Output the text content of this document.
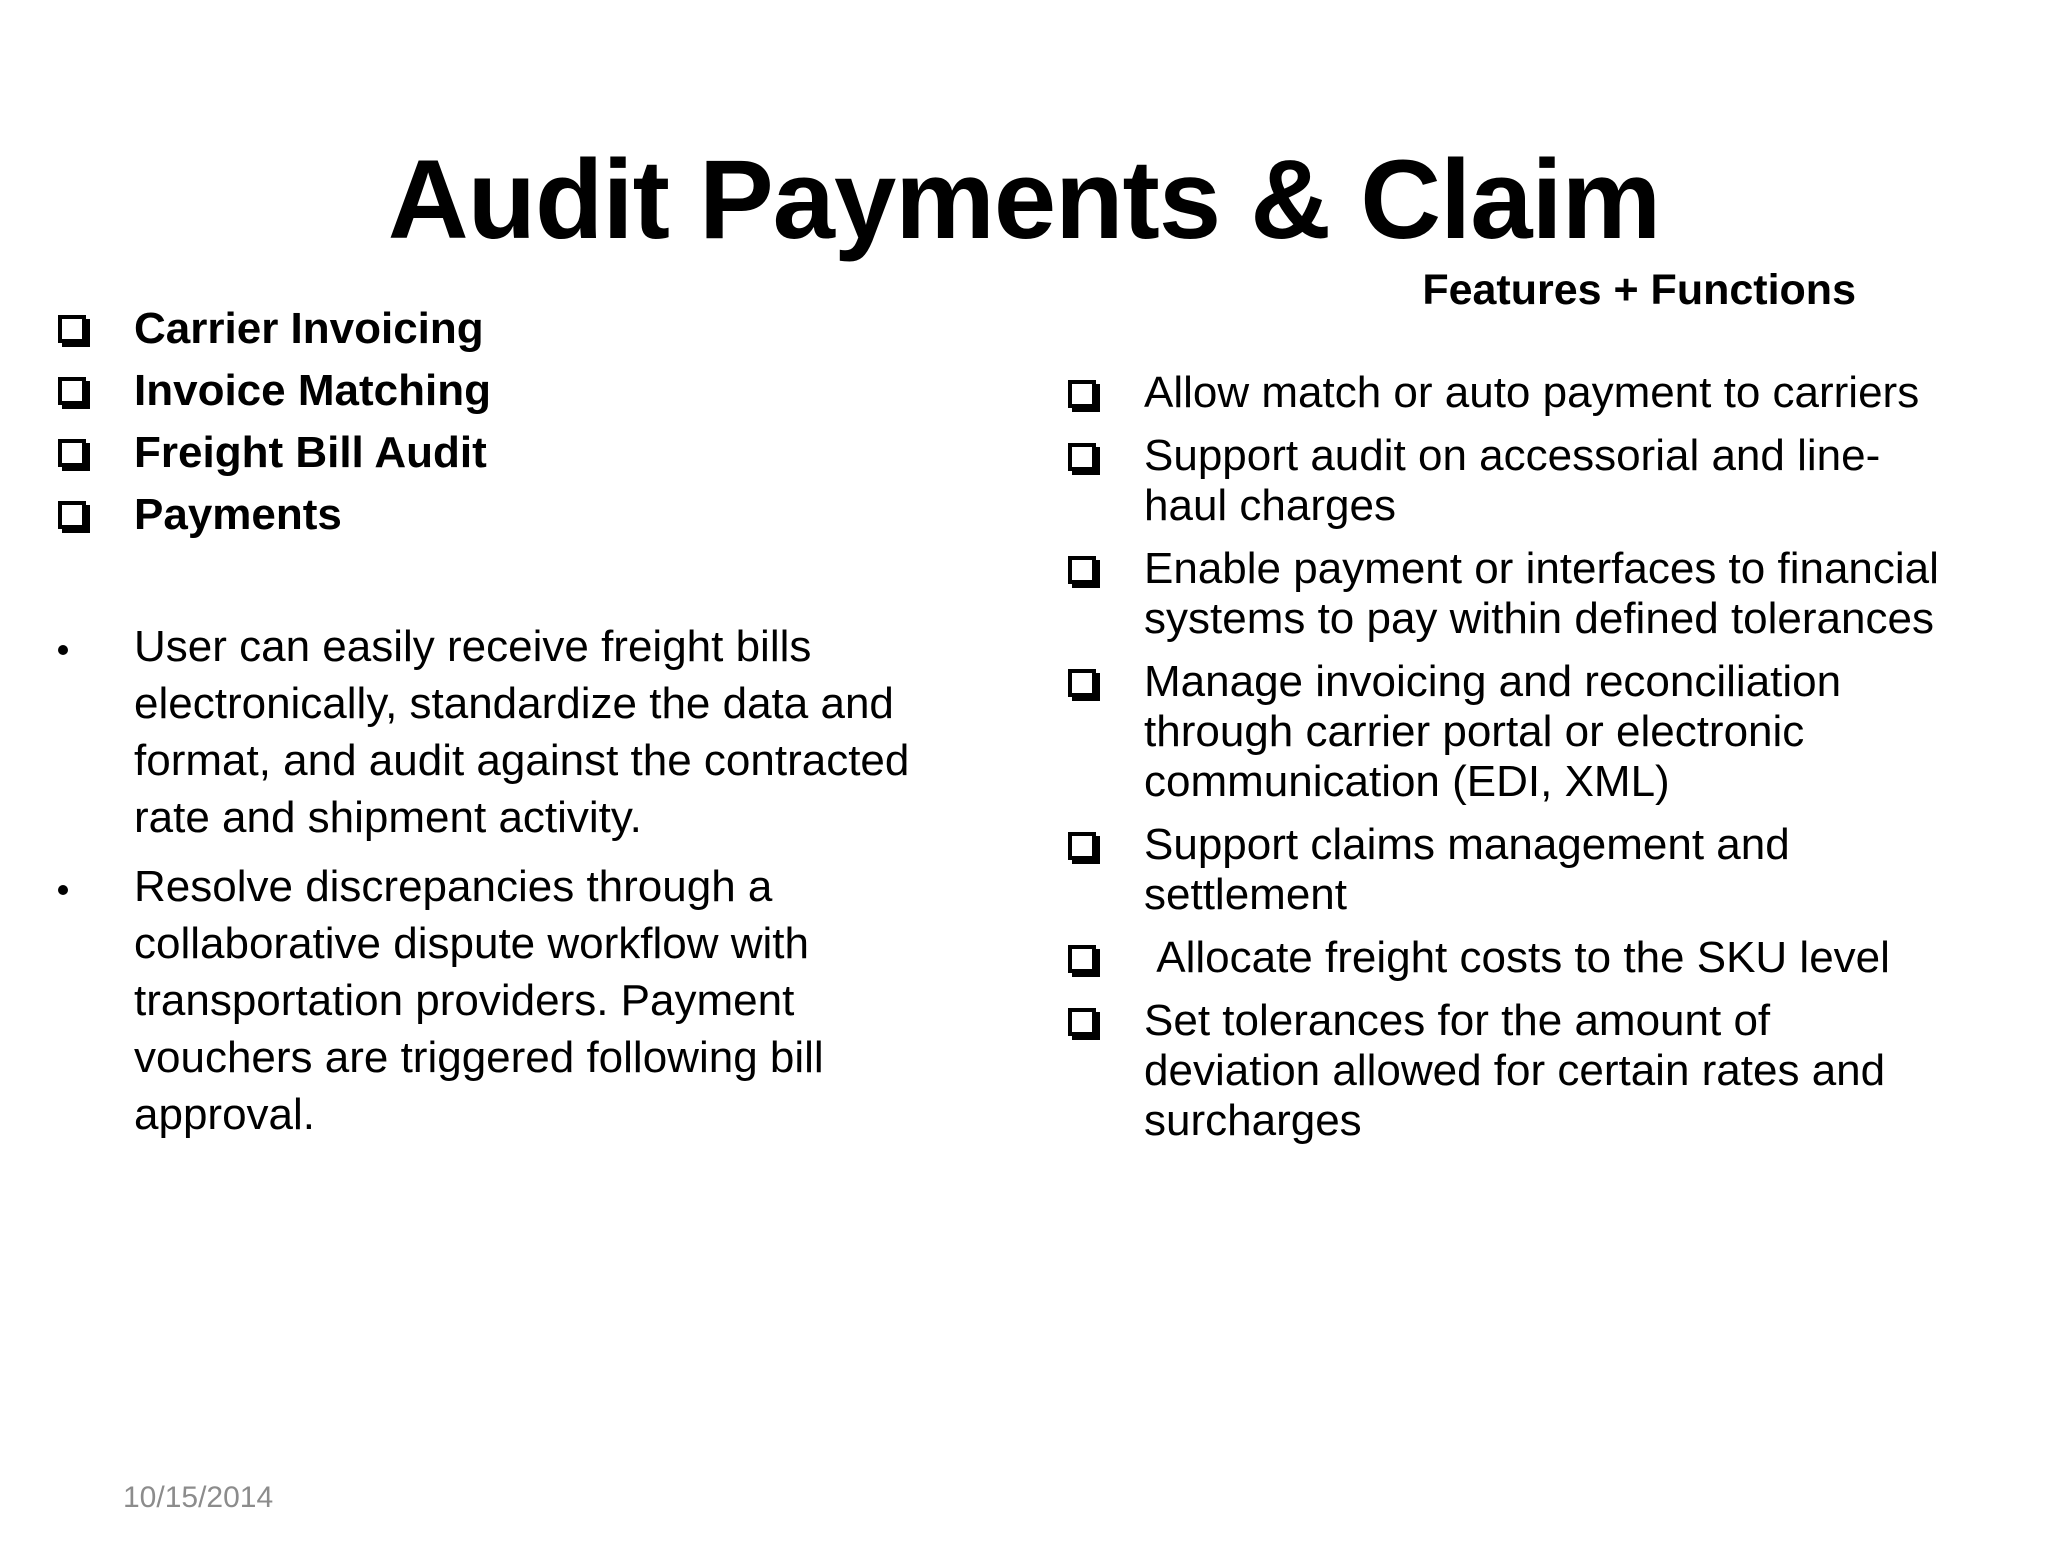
Audit Payments & Claim
Features + Functions
Carrier Invoicing
Invoice Matching
Freight Bill Audit
Payments
User can easily receive freight bills electronically, standardize the data and format, and audit against the contracted rate and shipment activity.
Resolve discrepancies through a collaborative dispute workflow with transportation providers. Payment vouchers are triggered following bill approval.
Allow match or auto payment to carriers
Support audit on accessorial and line-haul charges
Enable payment or interfaces to financial systems to pay within defined tolerances
Manage invoicing and reconciliation through carrier portal or electronic communication (EDI, XML)
Support claims management and settlement
Allocate freight costs to the SKU level
Set tolerances for the amount of deviation allowed for certain rates and surcharges
10/15/2014
